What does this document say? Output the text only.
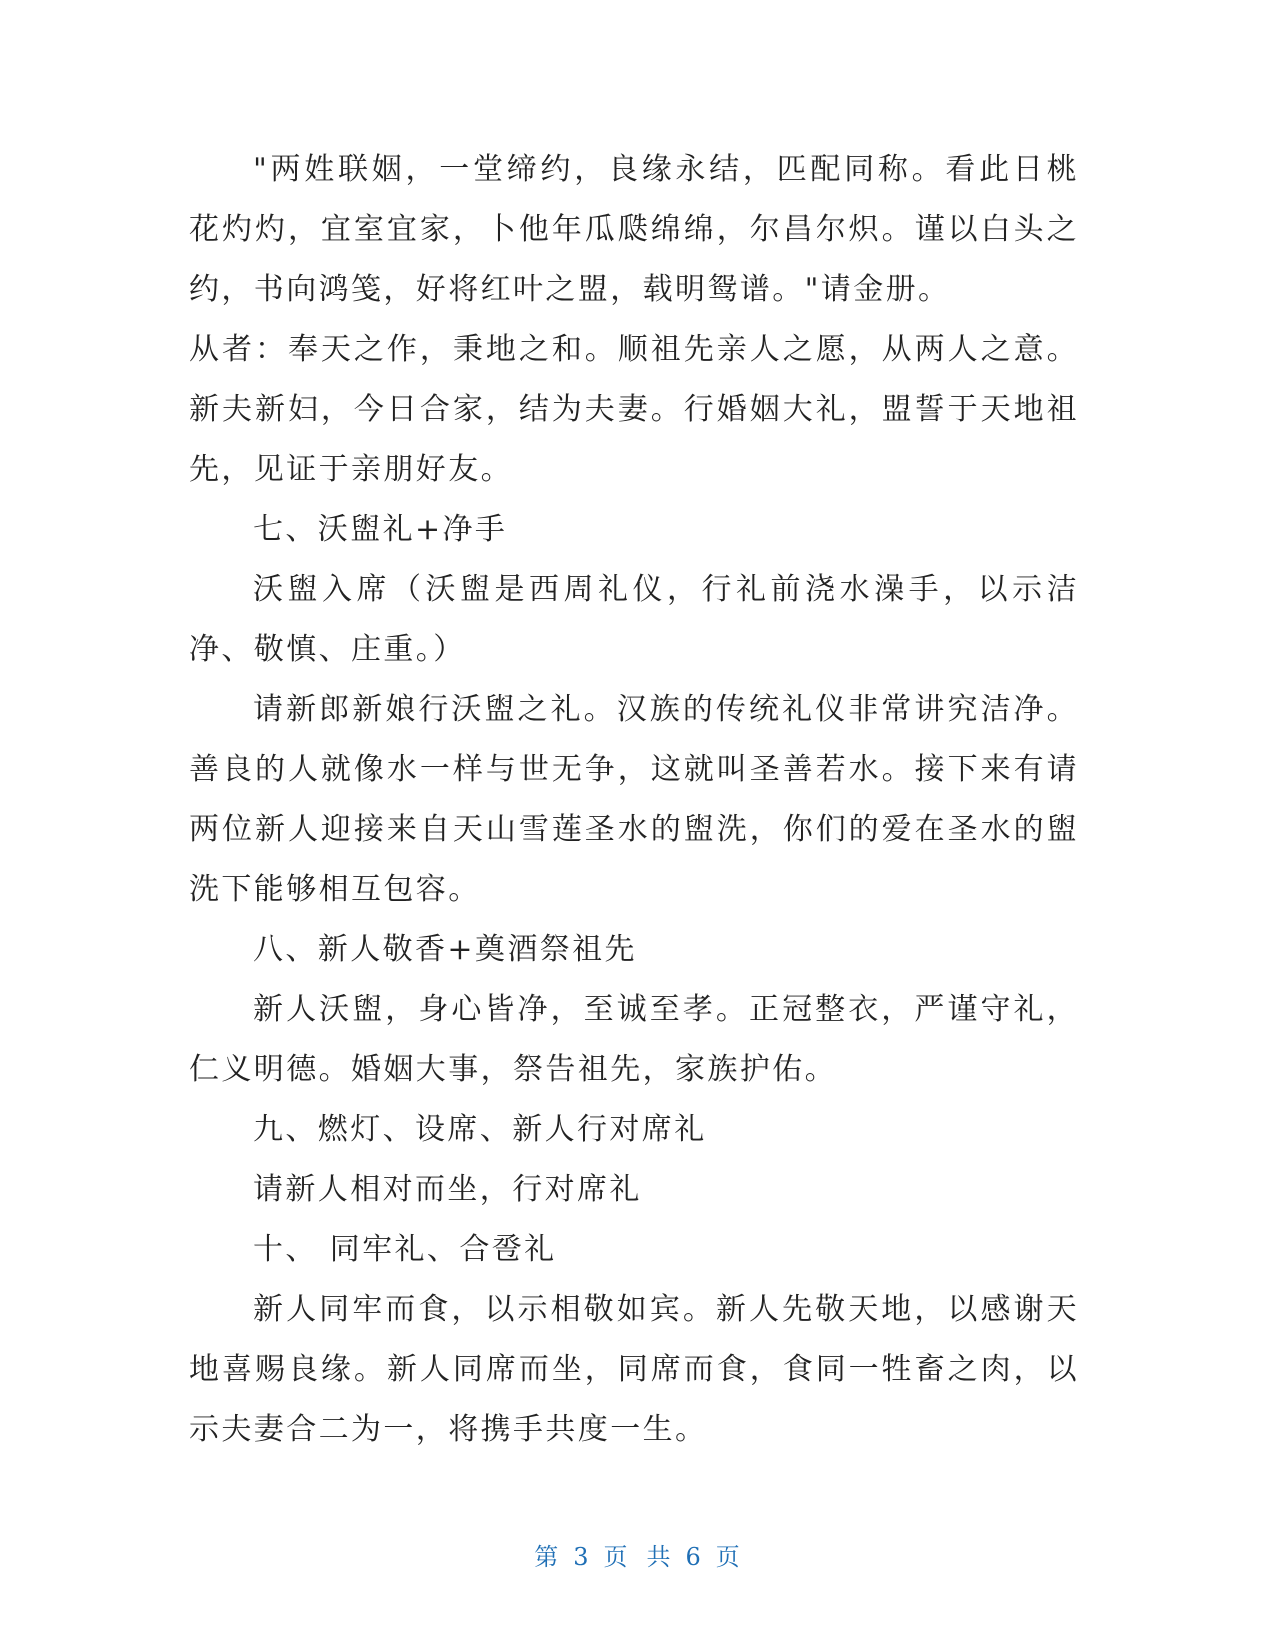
"两姓联姻，一堂缔约，良缘永结，匹配同称。看此日桃花灼灼，宜室宜家，卜他年瓜瓞绵绵，尔昌尔炽。谨以白头之约，书向鸿笺，好将红叶之盟，载明鸳谱。"请金册。

从者：奉天之作，秉地之和。顺祖先亲人之愿，从两人之意。新夫新妇，今日合家，结为夫妻。行婚姻大礼，盟誓于天地祖先，见证于亲朋好友。

七、沃盥礼+净手

沃盥入席（沃盥是西周礼仪，行礼前浇水澡手，以示洁净、敬慎、庄重。）

请新郎新娘行沃盥之礼。汉族的传统礼仪非常讲究洁净。善良的人就像水一样与世无争，这就叫圣善若水。接下来有请两位新人迎接来自天山雪莲圣水的盥洗，你们的爱在圣水的盥洗下能够相互包容。

八、新人敬香+奠酒祭祖先

新人沃盥，身心皆净，至诚至孝。正冠整衣，严谨守礼，仁义明德。婚姻大事，祭告祖先，家族护佑。

九、燃灯、设席、新人行对席礼

请新人相对而坐，行对席礼

十、 同牢礼、合卺礼

新人同牢而食，以示相敬如宾。新人先敬天地，以感谢天地喜赐良缘。新人同席而坐，同席而食，食同一牲畜之肉，以示夫妻合二为一，将携手共度一生。

第 3 页 共 6 页
